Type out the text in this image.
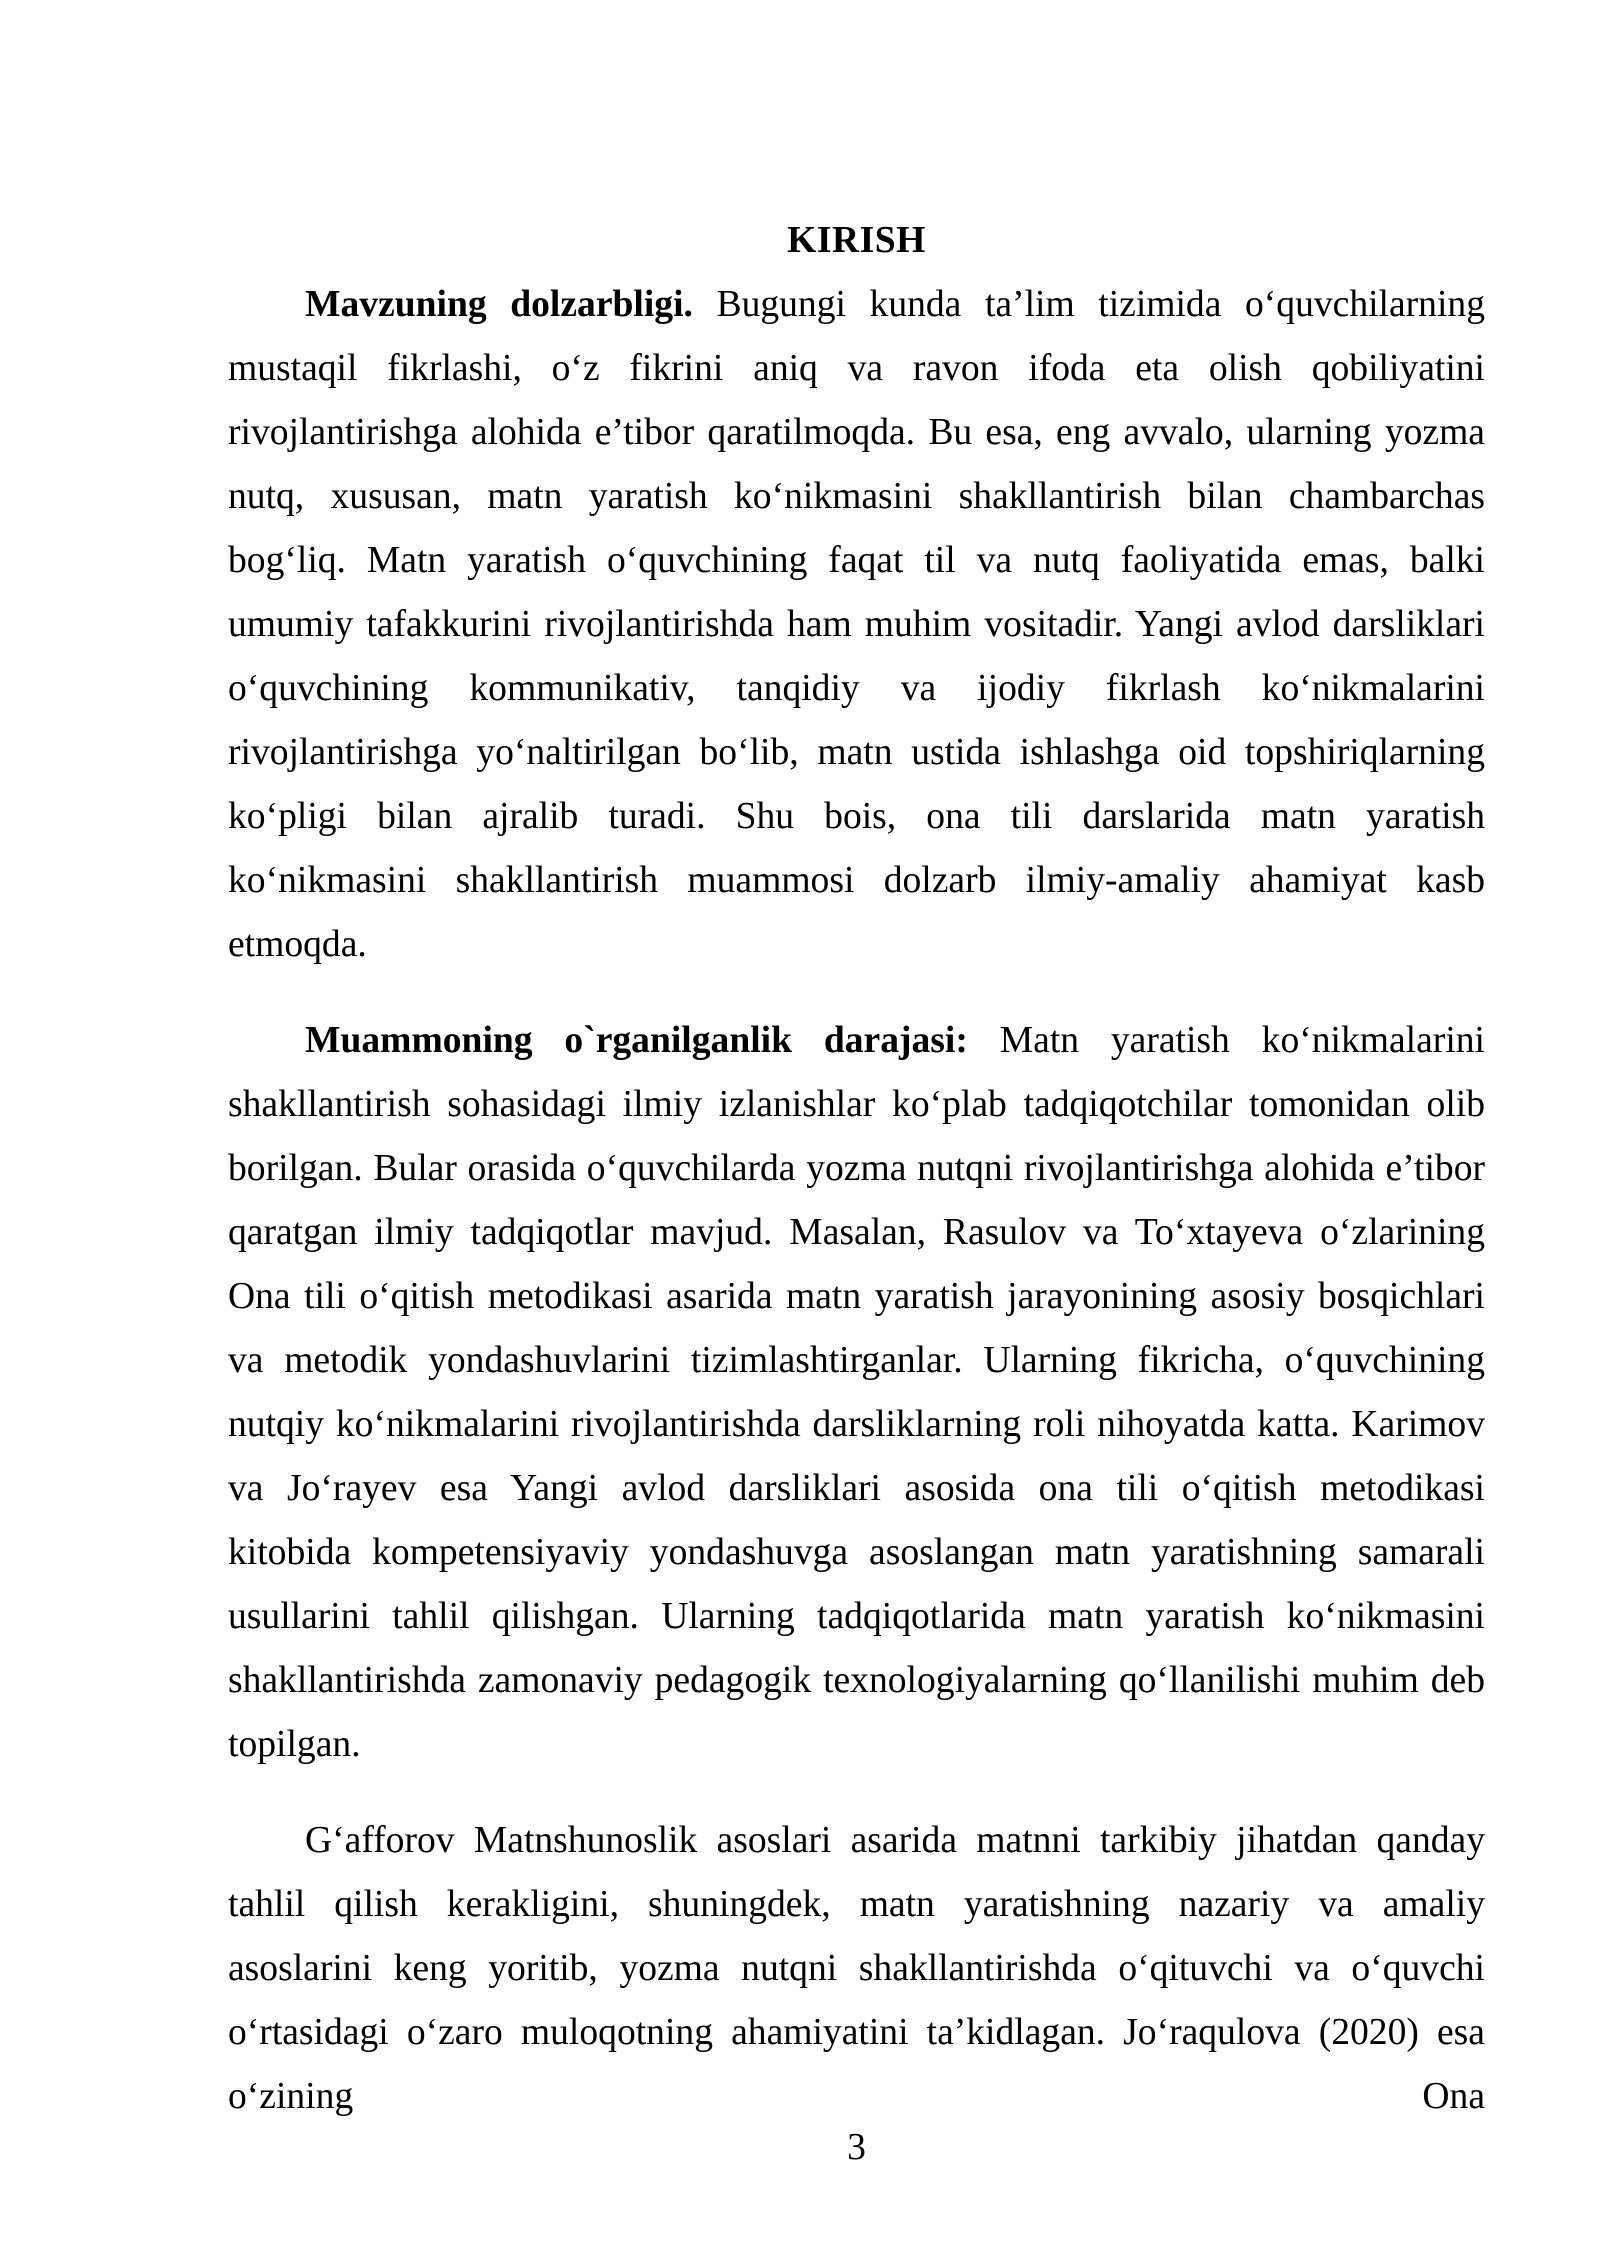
KIRISH

Mavzuning dolzarbligi. Bugungi kunda ta’lim tizimida oʻquvchilarning mustaqil fikrlashi, oʻz fikrini aniq va ravon ifoda eta olish qobiliyatini rivojlantirishga alohida e’tibor qaratilmoqda. Bu esa, eng avvalo, ularning yozma nutq, xususan, matn yaratish koʻnikmasini shakllantirish bilan chambarchas bogʻliq. Matn yaratish oʻquvchining faqat til va nutq faoliyatida emas, balki umumiy tafakkurini rivojlantirishda ham muhim vositadir. Yangi avlod darsliklari oʻquvchining kommunikativ, tanqidiy va ijodiy fikrlash koʻnikmalarini rivojlantirishga yoʻnaltirilgan boʻlib, matn ustida ishlashga oid topshiriqlarning koʻpligi bilan ajralib turadi. Shu bois, ona tili darslarida matn yaratish koʻnikmasini shakllantirish muammosi dolzarb ilmiy-amaliy ahamiyat kasb etmoqda.

Muammoning o`rganilganlik darajasi: Matn yaratish koʻnikmalarini shakllantirish sohasidagi ilmiy izlanishlar koʻplab tadqiqotchilar tomonidan olib borilgan. Bular orasida oʻquvchilarda yozma nutqni rivojlantirishga alohida e’tibor qaratgan ilmiy tadqiqotlar mavjud. Masalan, Rasulov va Toʻxtayeva oʻzlarining Ona tili oʻqitish metodikasi asarida matn yaratish jarayonining asosiy bosqichlari va metodik yondashuvlarini tizimlashtirganlar. Ularning fikricha, oʻquvchining nutqiy koʻnikmalarini rivojlantirishda darsliklarning roli nihoyatda katta. Karimov va Joʻrayev esa Yangi avlod darsliklari asosida ona tili oʻqitish metodikasi kitobida kompetensiyaviy yondashuvga asoslangan matn yaratishning samarali usullarini tahlil qilishgan. Ularning tadqiqotlarida matn yaratish koʻnikmasini shakllantirishda zamonaviy pedagogik texnologiyalarning qoʻllanilishi muhim deb topilgan.

Gʻafforov Matnshunoslik asoslari asarida matnni tarkibiy jihatdan qanday tahlil qilish kerakligini, shuningdek, matn yaratishning nazariy va amaliy asoslarini keng yoritib, yozma nutqni shakllantirishda oʻqituvchi va oʻquvchi oʻrtasidagi oʻzaro muloqotning ahamiyatini ta’kidlagan. Joʻraqulova (2020) esa oʻzining Ona

3
